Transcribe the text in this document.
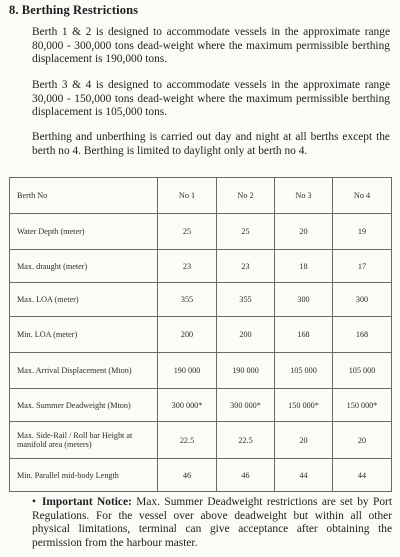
8. Berthing Restrictions

Berth 1 & 2 is designed to accommodate vessels in the approximate range 80,000 - 300,000 tons dead-weight where the maximum permissible berthing displacement is 190,000 tons.

Berth 3 & 4 is designed to accommodate vessels in the approximate range 30,000 - 150,000 tons dead-weight where the maximum permissible berthing displacement is 105,000 tons.

Berthing and unberthing is carried out day and night at all berths except the berth no 4. Berthing is limited to daylight only at berth no 4.

Berth No	No 1	No 2	No 3	No 4
Water Depth (meter)	25	25	20	19
Max. draught (meter)	23	23	18	17
Max. LOA (meter)	355	355	300	300
Min. LOA (meter)	200	200	168	168
Max. Arrival Displacement (Mton)	190 000	190 000	105 000	105 000
Max. Summer Deadweight (Mton)	300 000*	300 000*	150 000*	150 000*
Max. Side-Rail / Roll bar Height at manifold area (meters)	22.5	22.5	20	20
Min. Parallel mid-body Length	46	46	44	44

• Important Notice: Max. Summer Deadweight restrictions are set by Port Regulations. For the vessel over above deadweight but within all other physical limitations, terminal can give acceptance after obtaining the permission from the harbour master.
